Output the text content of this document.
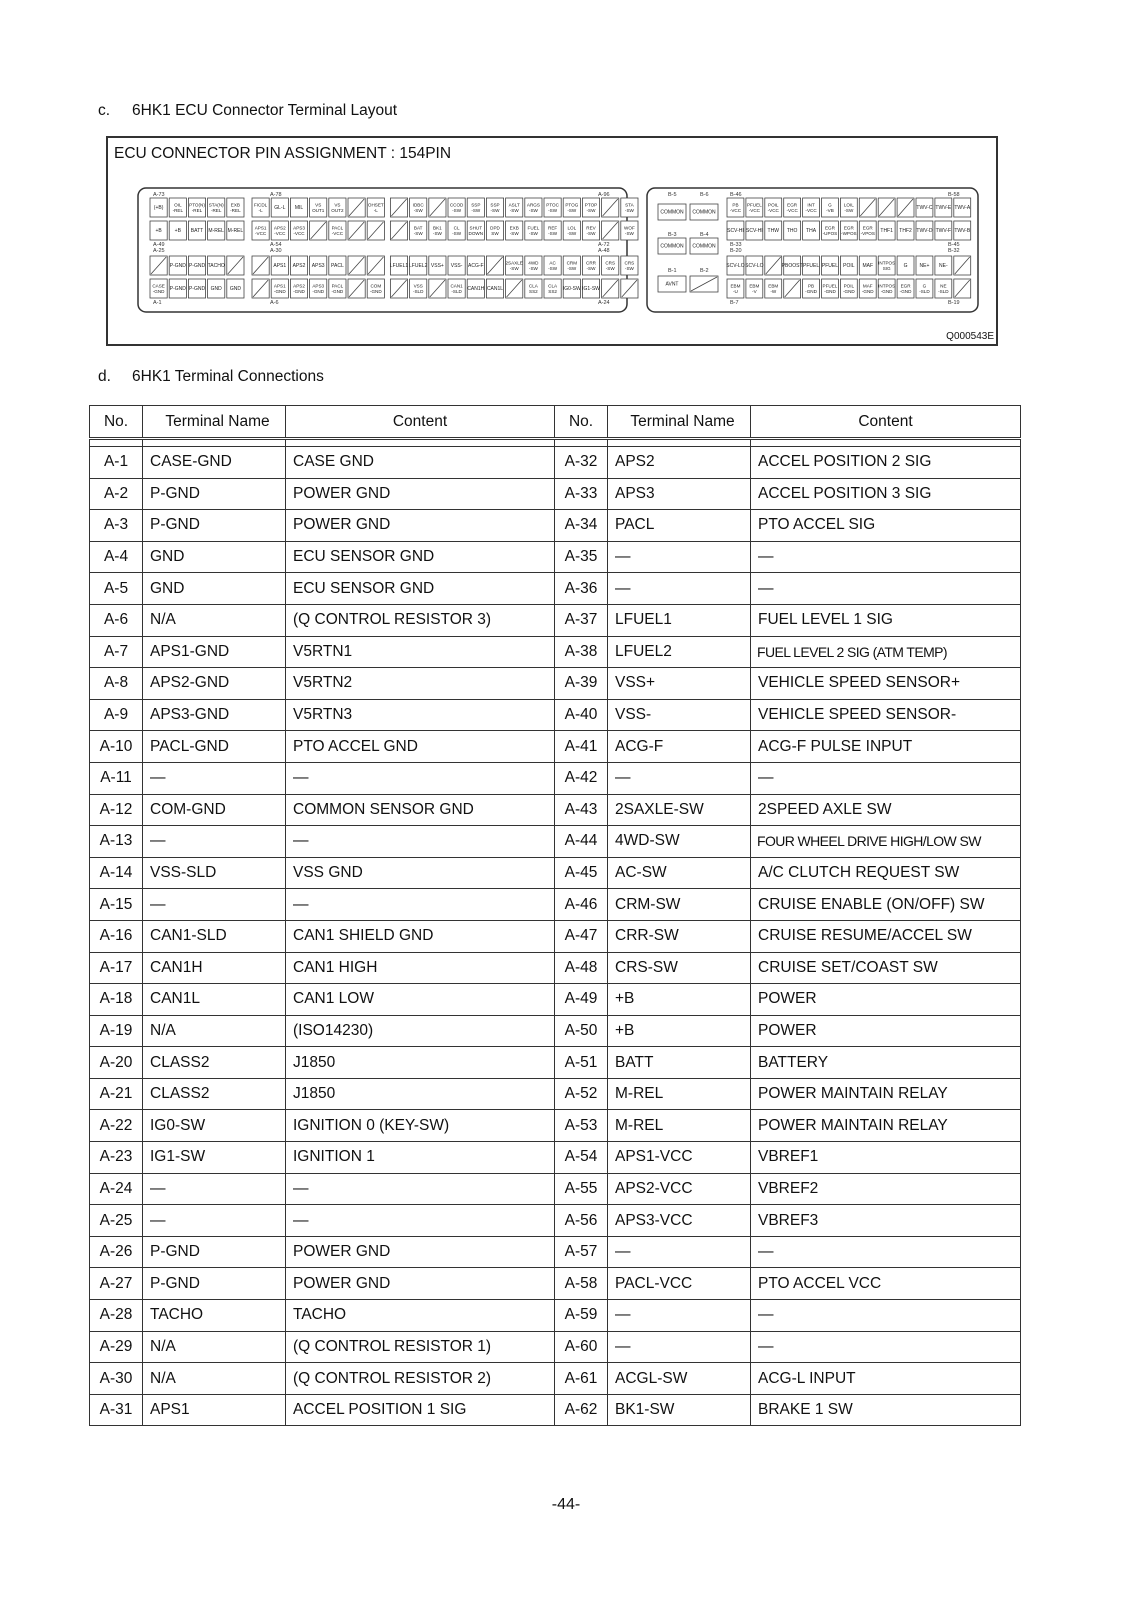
c. 6HK1 ECU Connector Terminal Layout
ECU CONNECTOR PIN ASSIGNMENT : 154PIN
(+B)
OIL
-REL
PTO(N)
-REL
STA(N)
-REL
EXB
-REL
FICDL
-L GL-L MIL
VS
OUT1
VS
OUT2
OHSET
-L
IDBC
-SW
CCOD
-SW
SSP
-SW
SSP
-SW
ASLT
-SW
ARGS
-SW
PTOC
-SW
PTOG
-SW
PTOP
-SW
STA
-SW
+B	+B BATT M-REL M-REL
APS1
-VCC
APS2
-VCC
APS3
-VCC
PACL
-VCC
BAT
-SW
BK1
-SW
CL
-SW
SHUT
DOWN
DPD
SW
EXB
-SW
FUEL
-SW
REF
-SW
LOL
-SW
REV
-SW
WOF
-SW
P-GND P-GND TACHO	APS1 APS2 APS3 PACL	LFUEL1 LFUEL2 VSS+ VSS- ACG-F
2SAXLE
-SW
4WD
-SW
AC
-SW
CRM
-SW
CRR
-SW
CRS
-SW
CRS
-SW
CASE
-GND P-GND P-GND GND GND
APS1
-GND
APS2
-GND
APS3
-GND
PACL
-GND
COM
-GND
VSS
-SLD
CAN1
-SLD CAN1H CAN1L
CLA
SS2
CLA
SS2 IG0-SW IG1-SW
A-73	A-78	A-96
A-49
A-25
A-54
A-30
A-72
A-48
A-1	A-6	A-24
COMMON COMMON
COMMON COMMON
AVNT
PB
-VCC
PFUEL
-VCC
POIL
-VCC
EGR
-VCC
INT
-VCC
G
-VB
LOIL
-SW	TWV-C TWV-E TWV-A
SCV-HI SCV-HI THW THO THA
EGR
-UPOS
EGR
-WPOS
EGR
-VPOS THF1 THF2 TWV-D TWV-F TWV-B
SCV-LO SCV-LO	PBOOST PFUEL PFUEL POIL MAF
INTPOS
SIG	G NE+ NE-
EBM
-U
EBM
-V
EBM
-W
PB
-GND
PFUEL
-GND
POIL
-GND
MAF
-GND
INTPOS
-GND
EGR
-GND
G
-SLD
NE
-SLD
B-5	B-6	B-46	B-58
B-3	B-4
B-33
B-20
B-45
B-32
B-1	B-2
B-7	B-19
Q000543E
d. 6HK1 Terminal Connections
No.	Terminal Name	Content	No.	Terminal Name	Content

A-1	CASE-GND	CASE GND	A-32	APS2	ACCEL POSITION 2 SIG
A-2	P-GND	POWER GND	A-33	APS3	ACCEL POSITION 3 SIG
A-3	P-GND	POWER GND	A-34	PACL	PTO ACCEL SIG
A-4	GND	ECU SENSOR GND	A-35	—	—
A-5	GND	ECU SENSOR GND	A-36	—	—
A-6	N/A	(Q CONTROL RESISTOR 3)	A-37	LFUEL1	FUEL LEVEL 1 SIG
A-7	APS1-GND	V5RTN1	A-38	LFUEL2	FUEL LEVEL 2 SIG (ATM TEMP)
A-8	APS2-GND	V5RTN2	A-39	VSS+	VEHICLE SPEED SENSOR+
A-9	APS3-GND	V5RTN3	A-40	VSS-	VEHICLE SPEED SENSOR-
A-10	PACL-GND	PTO ACCEL GND	A-41	ACG-F	ACG-F PULSE INPUT
A-11	—	—	A-42	—	—
A-12	COM-GND	COMMON SENSOR GND	A-43	2SAXLE-SW	2SPEED AXLE SW
A-13	—	—	A-44	4WD-SW	FOUR WHEEL DRIVE HIGH/LOW SW
A-14	VSS-SLD	VSS GND	A-45	AC-SW	A/C CLUTCH REQUEST SW
A-15	—	—	A-46	CRM-SW	CRUISE ENABLE (ON/OFF) SW
A-16	CAN1-SLD	CAN1 SHIELD GND	A-47	CRR-SW	CRUISE RESUME/ACCEL SW
A-17	CAN1H	CAN1 HIGH	A-48	CRS-SW	CRUISE SET/COAST SW
A-18	CAN1L	CAN1 LOW	A-49	+B	POWER
A-19	N/A	(ISO14230)	A-50	+B	POWER
A-20	CLASS2	J1850	A-51	BATT	BATTERY
A-21	CLASS2	J1850	A-52	M-REL	POWER MAINTAIN RELAY
A-22	IG0-SW	IGNITION 0 (KEY-SW)	A-53	M-REL	POWER MAINTAIN RELAY
A-23	IG1-SW	IGNITION 1	A-54	APS1-VCC	VBREF1
A-24	—	—	A-55	APS2-VCC	VBREF2
A-25	—	—	A-56	APS3-VCC	VBREF3
A-26	P-GND	POWER GND	A-57	—	—
A-27	P-GND	POWER GND	A-58	PACL-VCC	PTO ACCEL VCC
A-28	TACHO	TACHO	A-59	—	—
A-29	N/A	(Q CONTROL RESISTOR 1)	A-60	—	—
A-30	N/A	(Q CONTROL RESISTOR 2)	A-61	ACGL-SW	ACG-L INPUT
A-31	APS1	ACCEL POSITION 1 SIG	A-62	BK1-SW	BRAKE 1 SW
-44-
